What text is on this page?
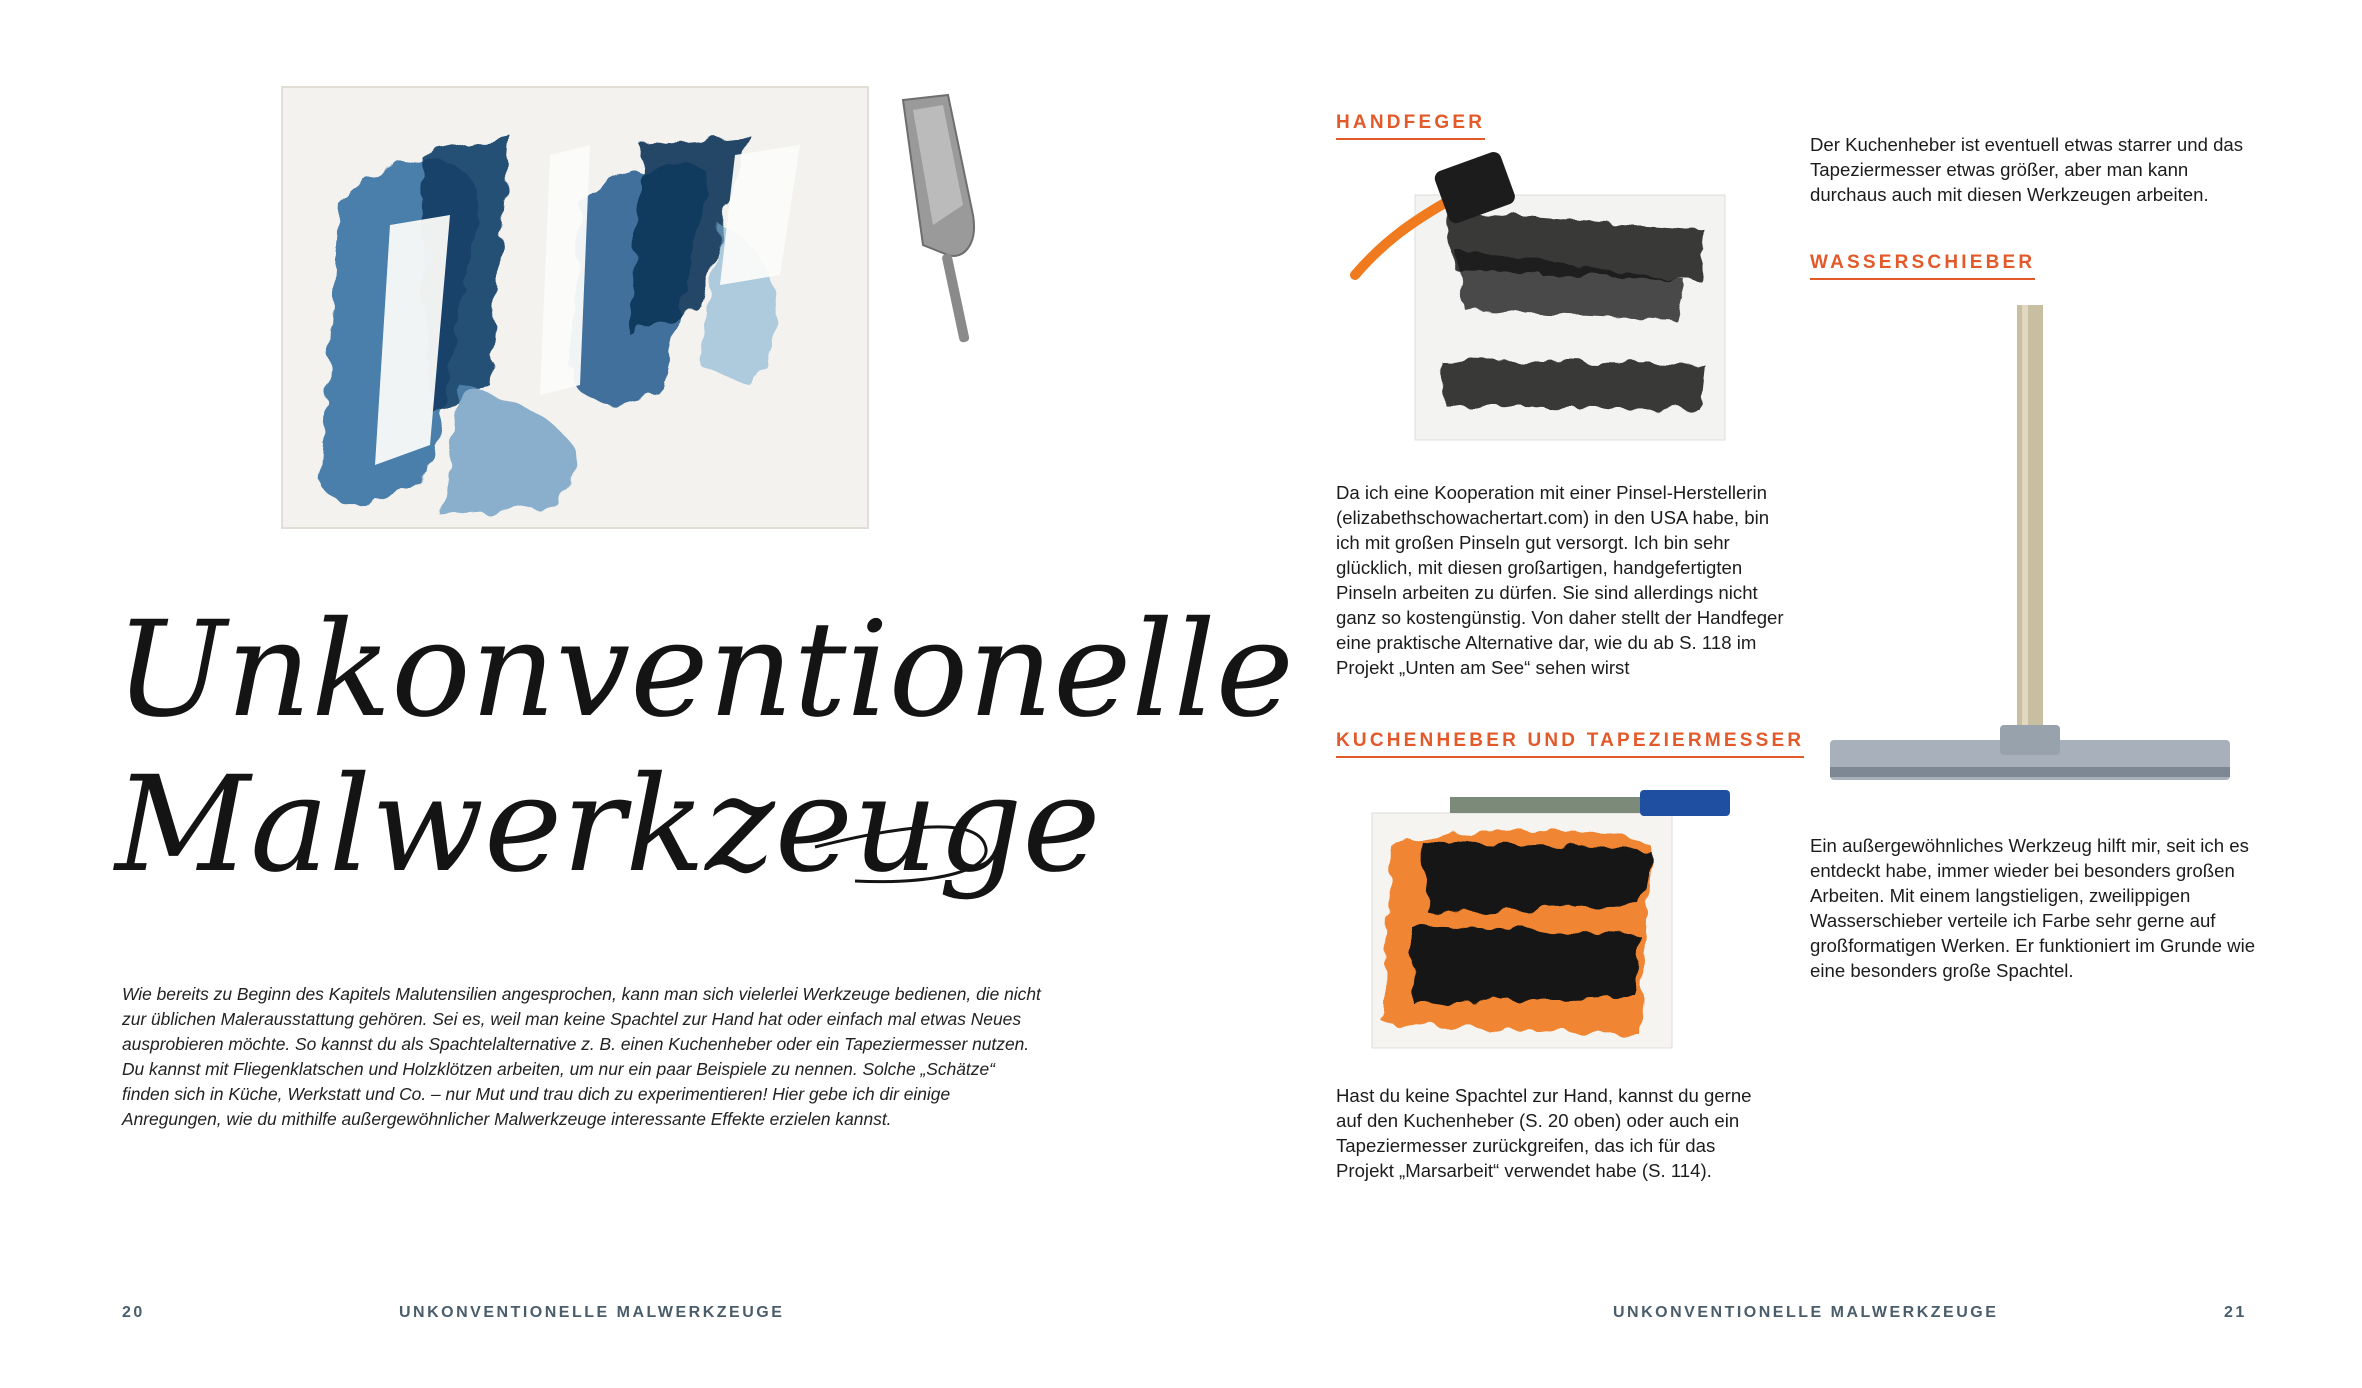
Unkonventionelle
Malwerkzeuge

Wie bereits zu Beginn des Kapitels Malutensilien angesprochen, kann man sich vielerlei Werkzeuge bedienen, die nicht zur üblichen Malerausstattung gehören. Sei es, weil man keine Spachtel zur Hand hat oder einfach mal etwas Neues ausprobieren möchte. So kannst du als Spachtelalternative z. B. einen Kuchenheber oder ein Tapeziermesser nutzen. Du kannst mit Fliegenklatschen und Holzklötzen arbeiten, um nur ein paar Beispiele zu nennen. Solche „Schätze“ finden sich in Küche, Werkstatt und Co. – nur Mut und trau dich zu experimentieren! Hier gebe ich dir einige Anregungen, wie du mithilfe außergewöhnlicher Malwerkzeuge interessante Effekte erzielen kannst.

HANDFEGER

Da ich eine Kooperation mit einer Pinsel-Herstellerin (elizabethschowachertart.com) in den USA habe, bin ich mit großen Pinseln gut versorgt. Ich bin sehr glücklich, mit diesen großartigen, handgefertigten Pinseln arbeiten zu dürfen. Sie sind allerdings nicht ganz so kostengünstig. Von daher stellt der Handfeger eine praktische Alternative dar, wie du ab S. 118 im Projekt „Unten am See“ sehen wirst

KUCHENHEBER UND TAPEZIERMESSER

Hast du keine Spachtel zur Hand, kannst du gerne auf den Kuchenheber (S. 20 oben) oder auch ein Tapeziermesser zurückgreifen, das ich für das Projekt „Marsarbeit“ verwendet habe (S. 114).

Der Kuchenheber ist eventuell etwas starrer und das Tapeziermesser etwas größer, aber man kann durchaus auch mit diesen Werkzeugen arbeiten.

WASSERSCHIEBER

Ein außergewöhnliches Werkzeug hilft mir, seit ich es entdeckt habe, immer wieder bei besonders großen Arbeiten. Mit einem langstieligen, zweilippigen Wasserschieber verteile ich Farbe sehr gerne auf großformatigen Werken. Er funktioniert im Grunde wie eine besonders große Spachtel.

20	UNKONVENTIONELLE MALWERKZEUGE	UNKONVENTIONELLE MALWERKZEUGE	21
